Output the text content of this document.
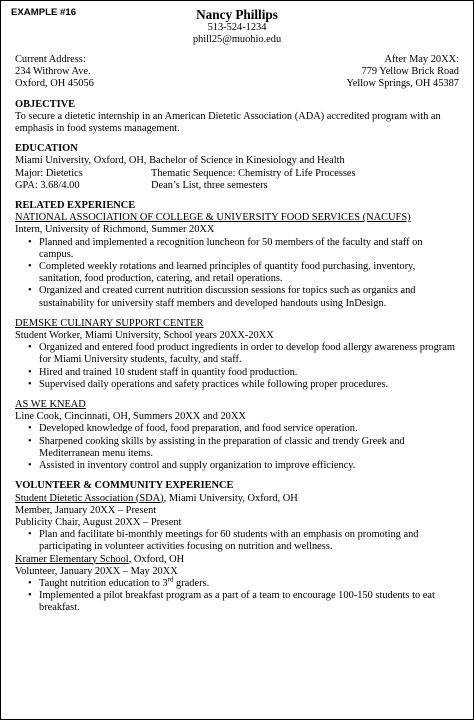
EXAMPLE #16	Nancy Phillips
513-524-1234
phill25@muohio.edu
Current Address:
234 Withrow Ave.
Oxford, OH 45056
After May 20XX:
779 Yellow Brick Road
Yellow Springs, OH 45387
OBJECTIVE
To secure a dietetic internship in an American Dietetic Association (ADA) accredited program with an emphasis in food systems management.
EDUCATION
Miami University, Oxford, OH, Bachelor of Science in Kinesiology and Health
Major: Dietetics	Thematic Sequence: Chemistry of Life Processes
GPA: 3.68/4.00	Dean’s List, three semesters
RELATED EXPERIENCE
NATIONAL ASSOCIATION OF COLLEGE & UNIVERSITY FOOD SERVICES (NACUFS)
Intern, University of Richmond, Summer 20XX
• Planned and implemented a recognition luncheon for 50 members of the faculty and staff on campus.
• Completed weekly rotations and learned principles of quantity food purchasing, inventory, sanitation, food production, catering, and retail operations.
• Organized and created current nutrition discussion sessions for topics such as organics and sustainability for university staff members and developed handouts using InDesign.
DEMSKE CULINARY SUPPORT CENTER
Student Worker, Miami University, School years 20XX-20XX
• Organized and entered food product ingredients in order to develop food allergy awareness program for Miami University students, faculty, and staff.
• Hired and trained 10 student staff in quantity food production.
• Supervised daily operations and safety practices while following proper procedures.
AS WE KNEAD
Line Cook, Cincinnati, OH, Summers 20XX and 20XX
• Developed knowledge of food, food preparation, and food service operation.
• Sharpened cooking skills by assisting in the preparation of classic and trendy Greek and Mediterranean menu items.
• Assisted in inventory control and supply organization to improve efficiency.
VOLUNTEER & COMMUNITY EXPERIENCE
Student Dietetic Association (SDA), Miami University, Oxford, OH
Member, January 20XX – Present
Publicity Chair, August 20XX – Present
• Plan and facilitate bi-monthly meetings for 60 students with an emphasis on promoting and participating in volunteer activities focusing on nutrition and wellness.
Kramer Elementary School, Oxford, OH
Volunteer, January 20XX – May 20XX
• Taught nutrition education to 3rd graders.
• Implemented a pilot breakfast program as a part of a team to encourage 100-150 students to eat breakfast.
